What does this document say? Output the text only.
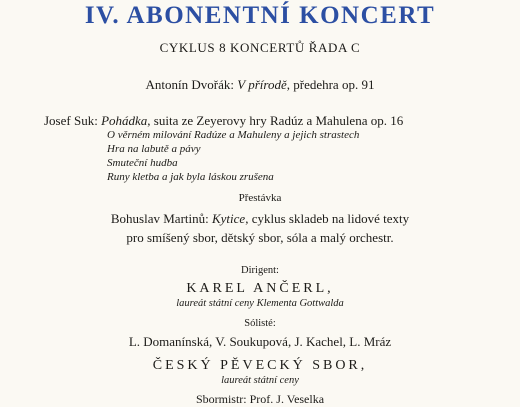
IV. ABONENTNÍ KONCERT
CYKLUS 8 KONCERTŮ ŘADA C
Antonín Dvořák: V přírodě, předehra op. 91
Josef Suk: Pohádka, suita ze Zeyerovy hry Radúz a Mahulena op. 16
O věrném milování Radúze a Mahuleny a jejich strastech
Hra na labutě a pávy
Smuteční hudba
Runy kletba a jak byla láskou zrušena
Přestávka
Bohuslav Martinů: Kytice, cyklus skladeb na lidové texty
pro smíšený sbor, dětský sbor, sóla a malý orchestr.
Dirigent:
KAREL ANČERL,
laureát státní ceny Klementa Gottwalda
Sólisté:
L. Domanínská, V. Soukupová, J. Kachel, L. Mráz
ČESKÝ PĚVECKÝ SBOR,
laureát státní ceny
Sbormistr: Prof. J. Veselka
